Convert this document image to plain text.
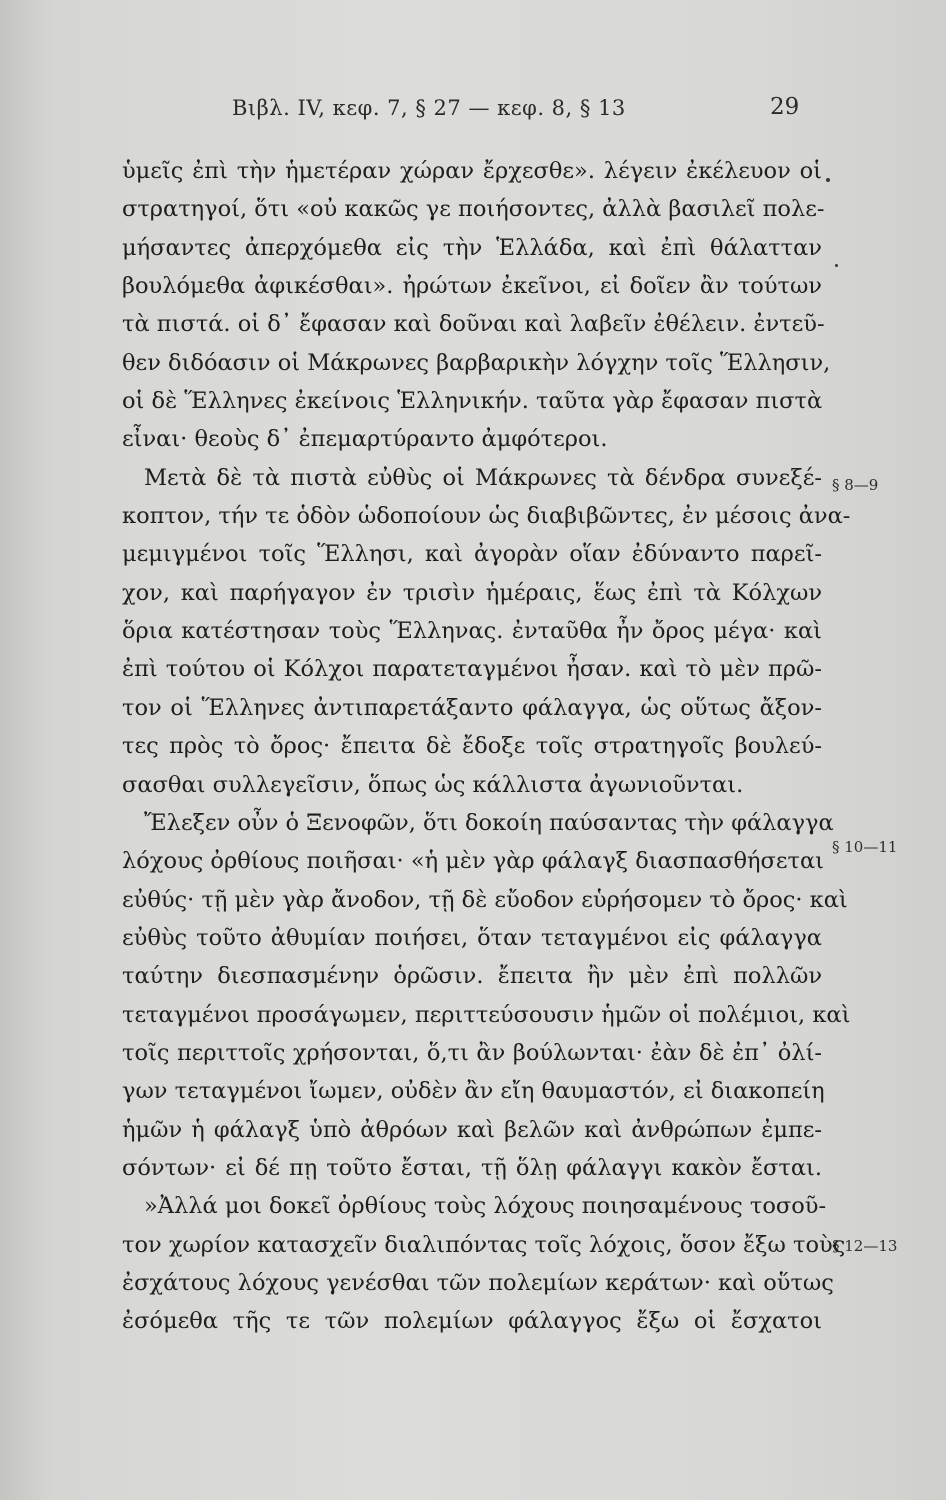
Βιβλ. IV, κεφ. 7, § 27 — κεφ. 8, § 13	29
ὑμεῖς ἐπὶ τὴν ἡμετέραν χώραν ἔρχεσθε». λέγειν ἐκέλευον οἱ
στρατηγοί, ὅτι «οὐ κακῶς γε ποιήσοντες, ἀλλὰ βασιλεῖ πολε-
μήσαντες ἀπερχόμεθα εἰς τὴν Ἑλλάδα, καὶ ἐπὶ θάλατταν
βουλόμεθα ἀφικέσθαι». ἠρώτων ἐκεῖνοι, εἰ δοῖεν ἂν τούτων
τὰ πιστά. οἱ δ᾿ ἔφασαν καὶ δοῦναι καὶ λαβεῖν ἐθέλειν. ἐντεῦ-
θεν διδόασιν οἱ Μάκρωνες βαρβαρικὴν λόγχην τοῖς Ἕλλησιν,
οἱ δὲ Ἕλληνες ἐκείνοις Ἑλληνικήν. ταῦτα γὰρ ἔφασαν πιστὰ
εἶναι· θεοὺς δ᾿ ἐπεμαρτύραντο ἀμφότεροι.
Μετὰ δὲ τὰ πιστὰ εὐθὺς οἱ Μάκρωνες τὰ δένδρα συνεξέ-
κοπτον, τήν τε ὁδὸν ὡδοποίουν ὡς διαβιβῶντες, ἐν μέσοις ἀνα-
μεμιγμένοι τοῖς Ἕλλησι, καὶ ἀγορὰν οἵαν ἐδύναντο παρεῖ-
χον, καὶ παρήγαγον ἐν τρισὶν ἡμέραις, ἕως ἐπὶ τὰ Κόλχων
ὅρια κατέστησαν τοὺς Ἕλληνας. ἐνταῦθα ἦν ὄρος μέγα· καὶ
ἐπὶ τούτου οἱ Κόλχοι παρατεταγμένοι ἦσαν. καὶ τὸ μὲν πρῶ-
τον οἱ Ἕλληνες ἀντιπαρετάξαντο φάλαγγα, ὡς οὕτως ἄξον-
τες πρὸς τὸ ὄρος· ἔπειτα δὲ ἔδοξε τοῖς στρατηγοῖς βουλεύ-
σασθαι συλλεγεῖσιν, ὅπως ὡς κάλλιστα ἀγωνιοῦνται.
Ἔλεξεν οὖν ὁ Ξενοφῶν, ὅτι δοκοίη παύσαντας τὴν φάλαγγα
λόχους ὀρθίους ποιῆσαι· «ἡ μὲν γὰρ φάλαγξ διασπασθήσεται
εὐθύς· τῇ μὲν γὰρ ἄνοδον, τῇ δὲ εὔοδον εὑρήσομεν τὸ ὄρος· καὶ
εὐθὺς τοῦτο ἀθυμίαν ποιήσει, ὅταν τεταγμένοι εἰς φάλαγγα
ταύτην διεσπασμένην ὁρῶσιν. ἔπειτα ἢν μὲν ἐπὶ πολλῶν
τεταγμένοι προσάγωμεν, περιττεύσουσιν ἡμῶν οἱ πολέμιοι, καὶ
τοῖς περιττοῖς χρήσονται, ὅ,τι ἂν βούλωνται· ἐὰν δὲ ἐπ᾿ ὀλί-
γων τεταγμένοι ἴωμεν, οὐδὲν ἂν εἴη θαυμαστόν, εἰ διακοπείη
ἡμῶν ἡ φάλαγξ ὑπὸ ἀθρόων καὶ βελῶν καὶ ἀνθρώπων ἐμπε-
σόντων· εἰ δέ πῃ τοῦτο ἔσται, τῇ ὅλῃ φάλαγγι κακὸν ἔσται.
»Ἀλλά μοι δοκεῖ ὀρθίους τοὺς λόχους ποιησαμένους τοσοῦ-
τον χωρίον κατασχεῖν διαλιπόντας τοῖς λόχοις, ὅσον ἔξω τοὺς
ἐσχάτους λόχους γενέσθαι τῶν πολεμίων κεράτων· καὶ οὕτως
ἐσόμεθα τῆς τε τῶν πολεμίων φάλαγγος ἔξω οἱ ἔσχατοι
§ 8—9
§ 10—11
§ 12—13
